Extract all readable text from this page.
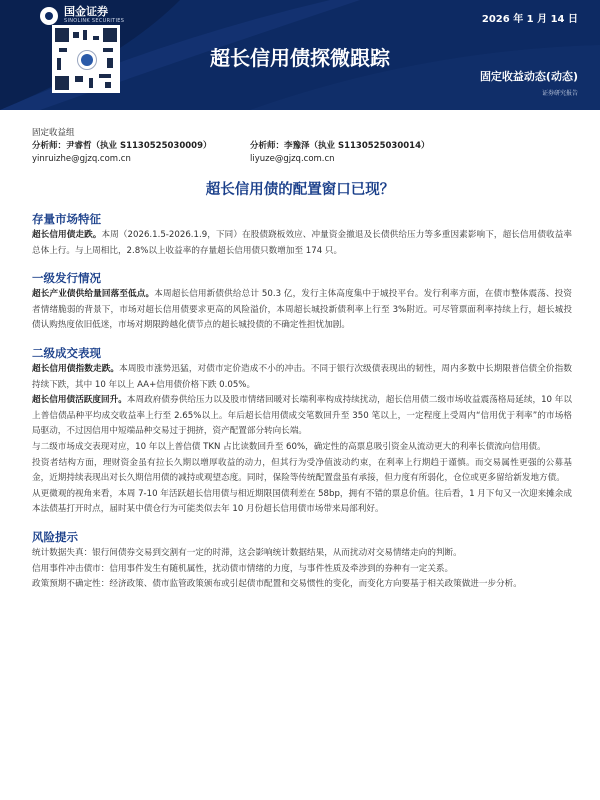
国金证券
SINOLINK SECURITIES	2026 年 1 月 14 日
超长信用债探微跟踪
固定收益动态(动态)
证券研究报告
固定收益组
分析师：尹睿哲（执业 S1130525030009）	分析师：李豫泽（执业 S1130525030014）
yinruizhe@gjzq.com.cn	liyuze@gjzq.com.cn
超长信用债的配置窗口已现？
存量市场特征

超长信用债走跌。本周（2026.1.5-2026.1.9，下同）在股债跷板效应、冲量资金撤退及长债供给压力等多重因素影响下，超长信用债收益率总体上行。与上周相比，2.8%以上收益率的存量超长信用债只数增加至 174 只。

一级发行情况

超长产业债供给量回落至低点。本周超长信用新债供给总计 50.3 亿，发行主体高度集中于城投平台。发行利率方面，在债市整体震荡、投资者情绪脆弱的背景下，市场对超长信用债要求更高的风险溢价，本周超长城投新债利率上行至 3%附近。可尽管票面利率持续上行，超长城投债认购热度依旧低迷，市场对期限跨越化债节点的超长城投债的不确定性担忧加剧。

二级成交表现

超长信用债指数走跌。本周股市涨势迅猛，对债市定价造成不小的冲击。不同于银行次级债表现出的韧性，周内多数中长期限普信债全价指数持续下跌，其中 10 年以上 AA+信用债价格下跌 0.05%。

超长信用债活跃度回升。本周政府债券供给压力以及股市情绪回暖对长端利率构成持续扰动，超长信用债二级市场收益震荡格局延续，10 年以上普信债品种平均成交收益率上行至 2.65%以上。年后超长信用债成交笔数回升至 350 笔以上，一定程度上受周内“信用优于利率”的市场格局驱动，不过因信用中短端品种交易过于拥挤，资产配置部分转向长端。

与二级市场成交表现对应，10 年以上普信债 TKN 占比读数回升至 60%，确定性的高票息吸引资金从流动更大的利率长债流向信用债。

投资者结构方面，理财资金虽有拉长久期以增厚收益的动力，但其行为受净值波动约束，在利率上行期趋于谨慎。而交易属性更强的公募基金，近期持续表现出对长久期信用债的减持或观望态度。同时，保险等传统配置盘虽有承接，但力度有所弱化，仓位或更多留给新发地方债。

从更微观的视角来看，本周 7-10 年活跃超长信用债与相近期限国债利差在 58bp，拥有不错的票息价值。往后看，1 月下旬又一次迎来摊余成本法债基打开时点，届时某中债仓行为可能类似去年 10 月份超长信用债市场带来局部利好。

风险提示

统计数据失真：银行间债券交易到交割有一定的时滞，这会影响统计数据结果，从而扰动对交易情绪走向的判断。

信用事件冲击债市：信用事件发生有随机属性，扰动债市情绪的力度，与事件性质及牵涉到的券种有一定关系。

政策预期不确定性：经济政策、债市监管政策颁布或引起债市配置和交易惯性的变化，而变化方向要基于相关政策做进一步分析。
